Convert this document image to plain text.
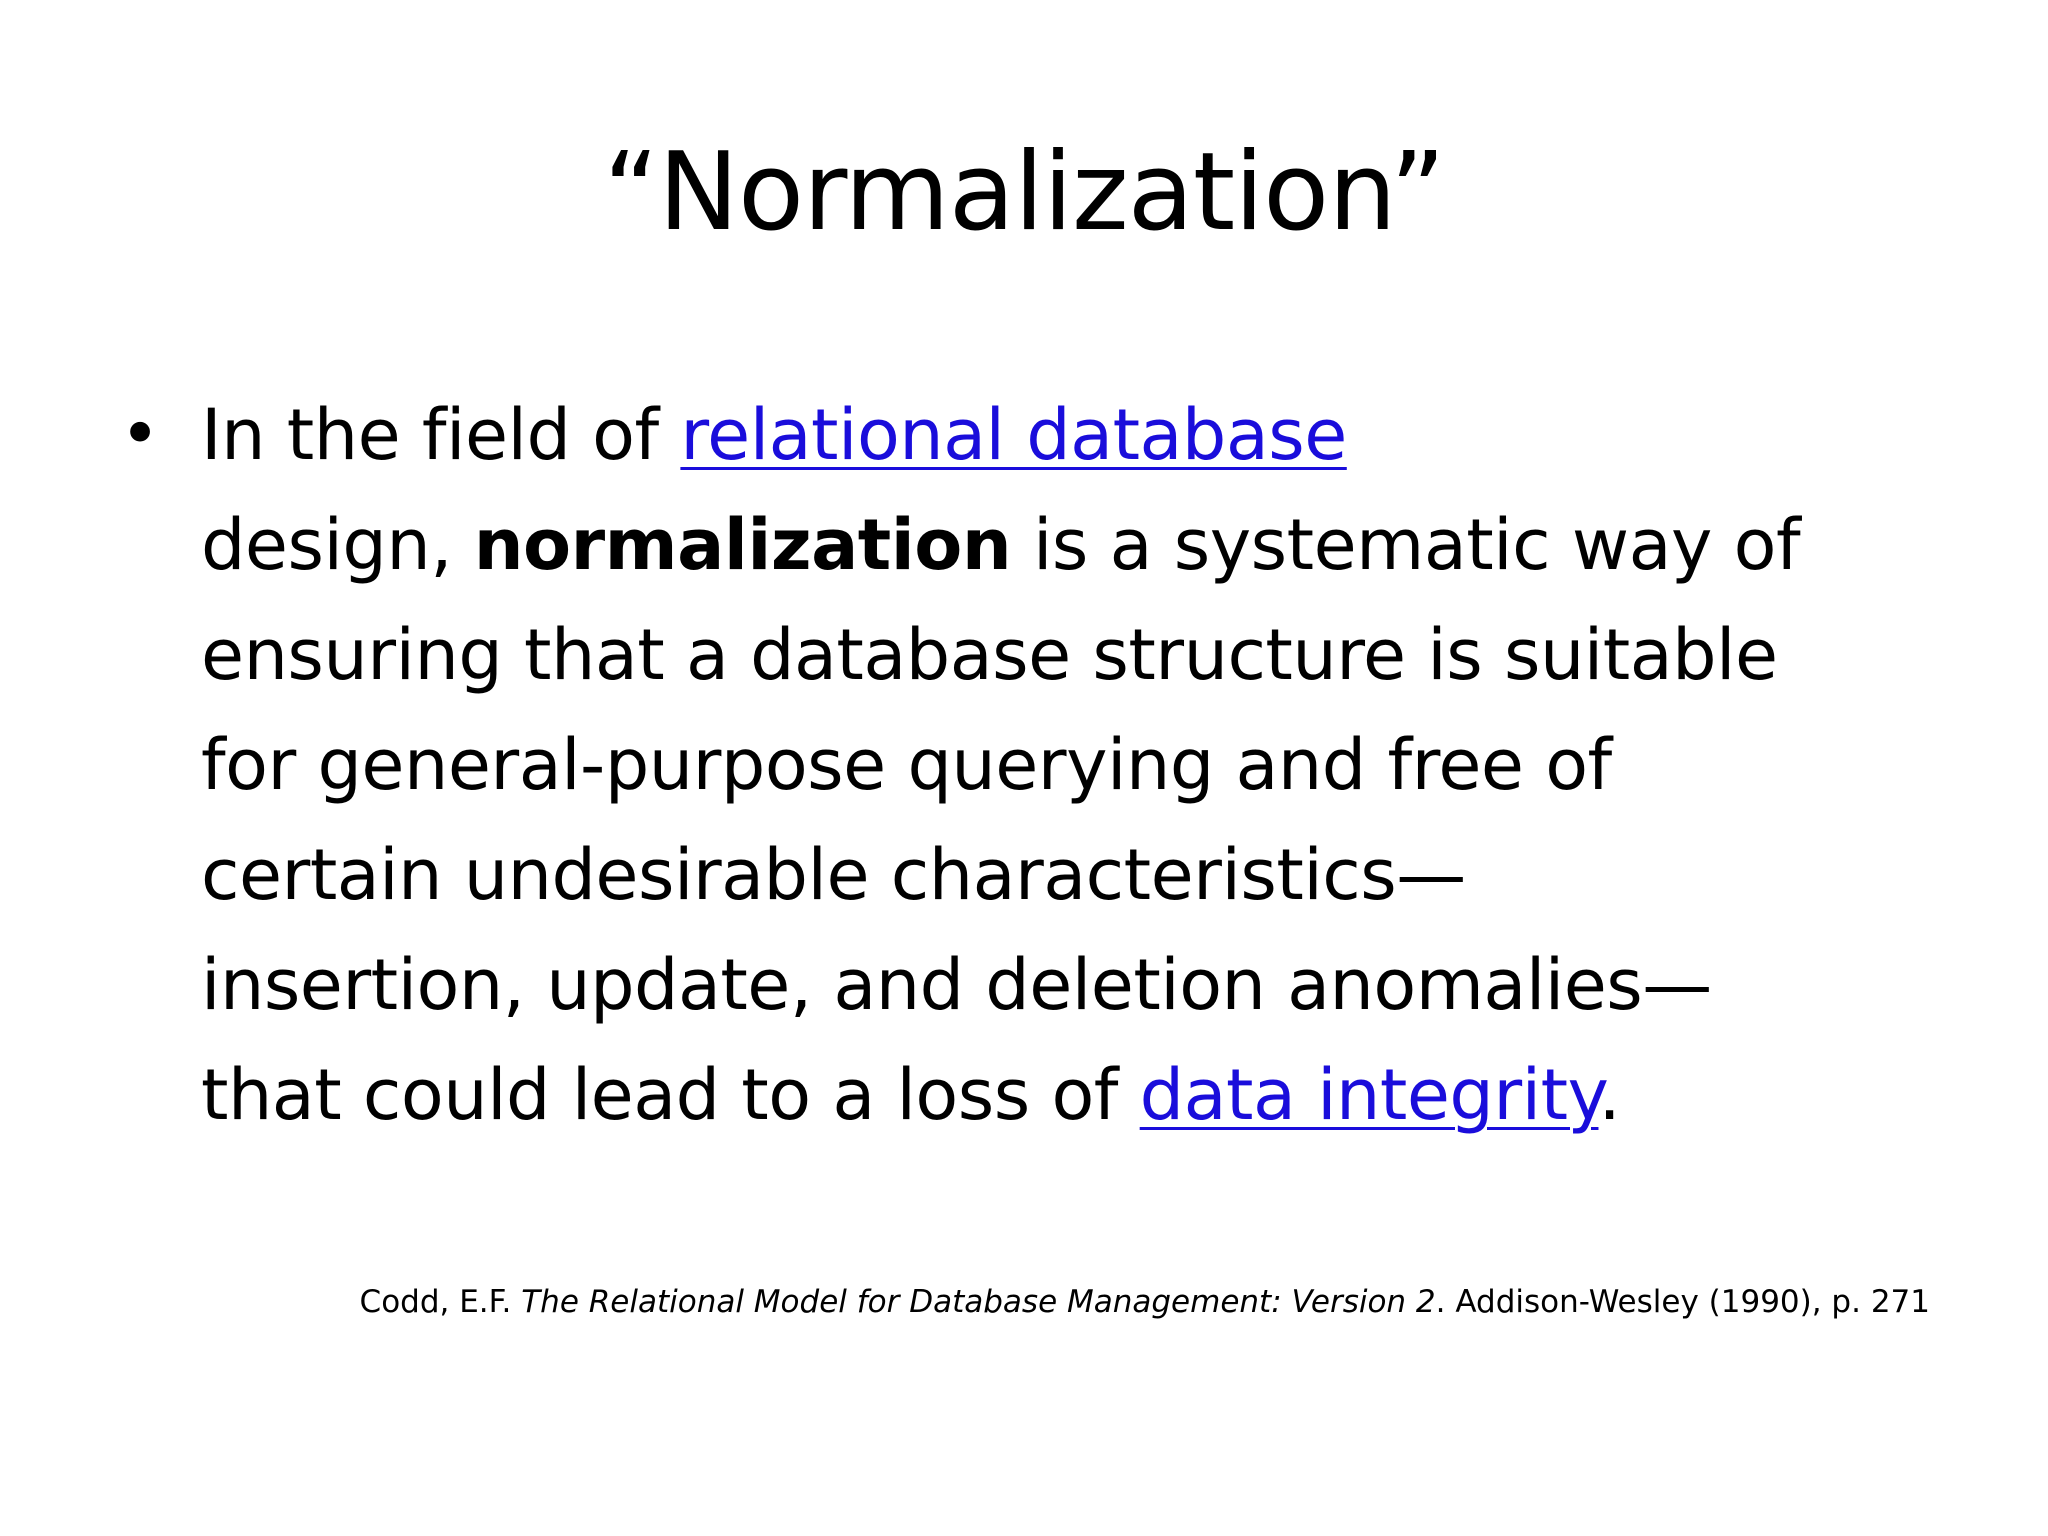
“Normalization”
• In the field of relational database
design, normalization is a systematic way of
ensuring that a database structure is suitable
for general-purpose querying and free of
certain undesirable characteristics—
insertion, update, and deletion anomalies—
that could lead to a loss of data integrity.
Codd, E.F. The Relational Model for Database Management: Version 2. Addison-Wesley (1990), p. 271
